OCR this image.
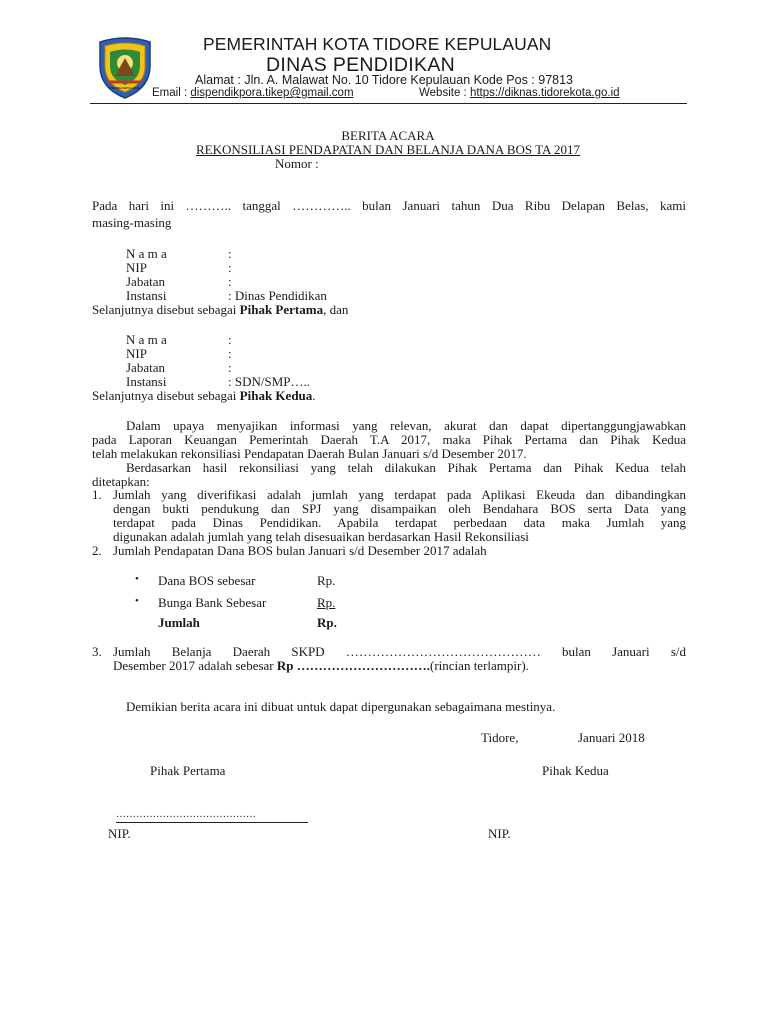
TIDORE KEPULAUAN
PEMERINTAH KOTA TIDORE KEPULAUAN
DINAS PENDIDIKAN
Alamat : Jln. A. Malawat No. 10 Tidore Kepulauan Kode Pos : 97813
Email : dispendikpora.tikep@gmail.com	Website : https://diknas.tidorekota.go.id
BERITA ACARA
REKONSILIASI PENDAPATAN DAN BELANJA DANA BOS TA 2017
Nomor :
Pada hari ini ……….. tanggal ………….. bulan Januari tahun Dua Ribu Delapan Belas, kami
masing-masing
N a m a	:
NIP	:
Jabatan	:
Instansi	: Dinas Pendidikan
Selanjutnya disebut sebagai Pihak Pertama, dan
N a m a	:
NIP	:
Jabatan	:
Instansi	: SDN/SMP…..
Selanjutnya disebut sebagai Pihak Kedua.
Dalam upaya menyajikan informasi yang relevan, akurat dan dapat dipertanggungjawabkan
pada Laporan Keuangan Pemerintah Daerah T.A 2017, maka Pihak Pertama dan Pihak Kedua
telah melakukan rekonsiliasi Pendapatan Daerah Bulan Januari s/d Desember 2017.
Berdasarkan hasil rekonsiliasi yang telah dilakukan Pihak Pertama dan Pihak Kedua telah
ditetapkan:
1. Jumlah yang diverifikasi adalah jumlah yang terdapat pada Aplikasi Ekeuda dan dibandingkan
dengan bukti pendukung dan SPJ yang disampaikan oleh Bendahara BOS serta Data yang
terdapat pada Dinas Pendidikan. Apabila terdapat perbedaan data maka Jumlah yang
digunakan adalah jumlah yang telah disesuaikan berdasarkan Hasil Rekonsiliasi
2. Jumlah Pendapatan Dana BOS bulan Januari s/d Desember 2017 adalah
• Dana BOS sebesar	Rp.
• Bunga Bank Sebesar	Rp.
Jumlah	Rp.
3. Jumlah Belanja Daerah SKPD ……………………………………… bulan Januari s/d
Desember 2017 adalah sebesar Rp ………………………….(rincian terlampir).
Demikian berita acara ini dibuat untuk dapat dipergunakan sebagaimana mestinya.
Tidore,	Januari 2018
Pihak Pertama	Pihak Kedua
……………………………………
NIP.	NIP.
